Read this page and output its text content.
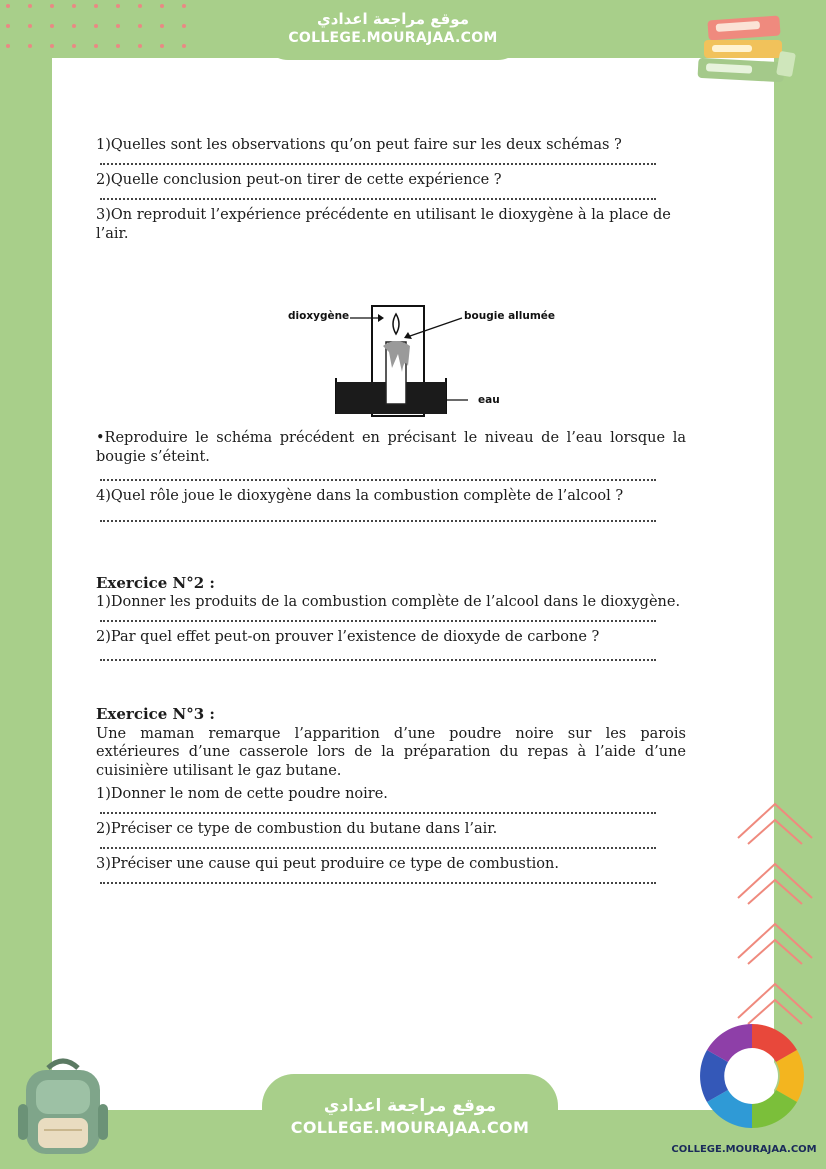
موقع مراجعة اعدادي
COLLEGE.MOURAJAA.COM

1)Quelles sont les observations qu’on peut faire sur les deux schémas ?

2)Quelle conclusion peut-on tirer de cette expérience ?

3)On reproduit l’expérience précédente en utilisant le dioxygène à la place de l’air.

•Reproduire le schéma précédent en précisant le niveau de l’eau lorsque la bougie s’éteint.

4)Quel rôle joue le dioxygène dans la combustion complète de l’alcool ?

Exercice N°2 :

1)Donner les produits de la combustion complète de l’alcool dans le dioxygène.

2)Par quel effet peut-on prouver l’existence de dioxyde de carbone ?

Exercice N°3 :

Une maman remarque l’apparition d’une poudre noire sur les parois extérieures d’une casserole lors de la préparation du repas à l’aide d’une cuisinière utilisant le gaz butane.

1)Donner le nom de cette poudre noire.

2)Préciser ce type de combustion du butane dans l’air.

3)Préciser une cause qui peut produire ce type de combustion.

dioxygène	bougie allumée
eau
موقع مراجعة اعدادي
COLLEGE.MOURAJAA.COM
COLLEGE.MOURAJAA.COM
